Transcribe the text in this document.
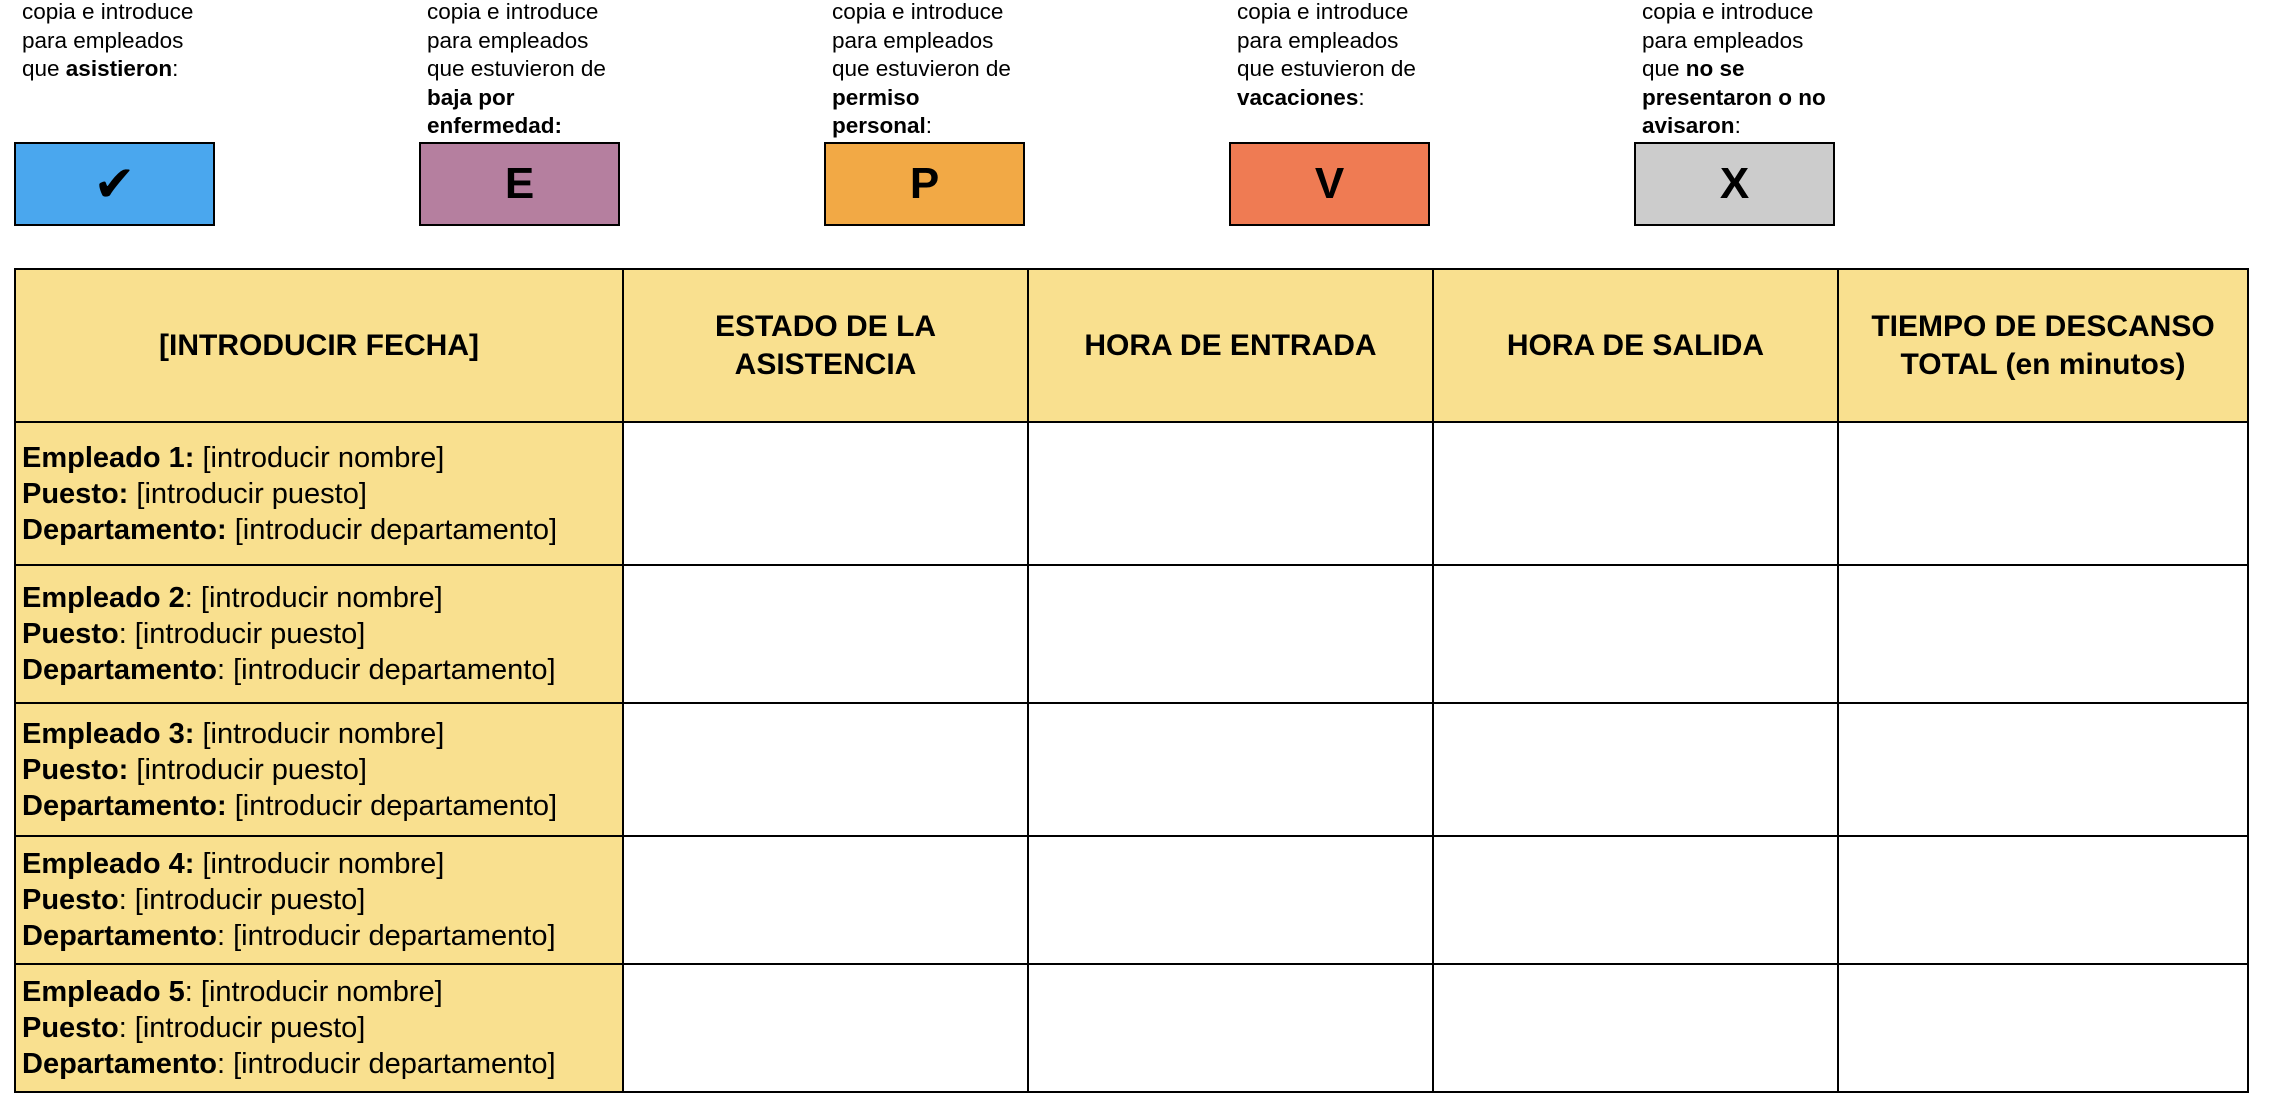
copia e introduce para empleados que asistieron:
✔
copia e introduce para empleados que estuvieron de baja por enfermedad:
E
copia e introduce para empleados que estuvieron de permiso personal:
P
copia e introduce para empleados que estuvieron de vacaciones:
V
copia e introduce para empleados que no se presentaron o no avisaron:
X
[INTRODUCIR FECHA]	ESTADO DE LA ASISTENCIA	HORA DE ENTRADA	HORA DE SALIDA	TIEMPO DE DESCANSO TOTAL (en minutos)

Empleado 1: [introducir nombre]
Puesto: [introducir puesto]
Departamento: [introducir departamento]				

Empleado 2: [introducir nombre]
Puesto: [introducir puesto]
Departamento: [introducir departamento]				

Empleado 3: [introducir nombre]
Puesto: [introducir puesto]
Departamento: [introducir departamento]				

Empleado 4: [introducir nombre]
Puesto: [introducir puesto]
Departamento: [introducir departamento]				

Empleado 5: [introducir nombre]
Puesto: [introducir puesto]
Departamento: [introducir departamento]				
